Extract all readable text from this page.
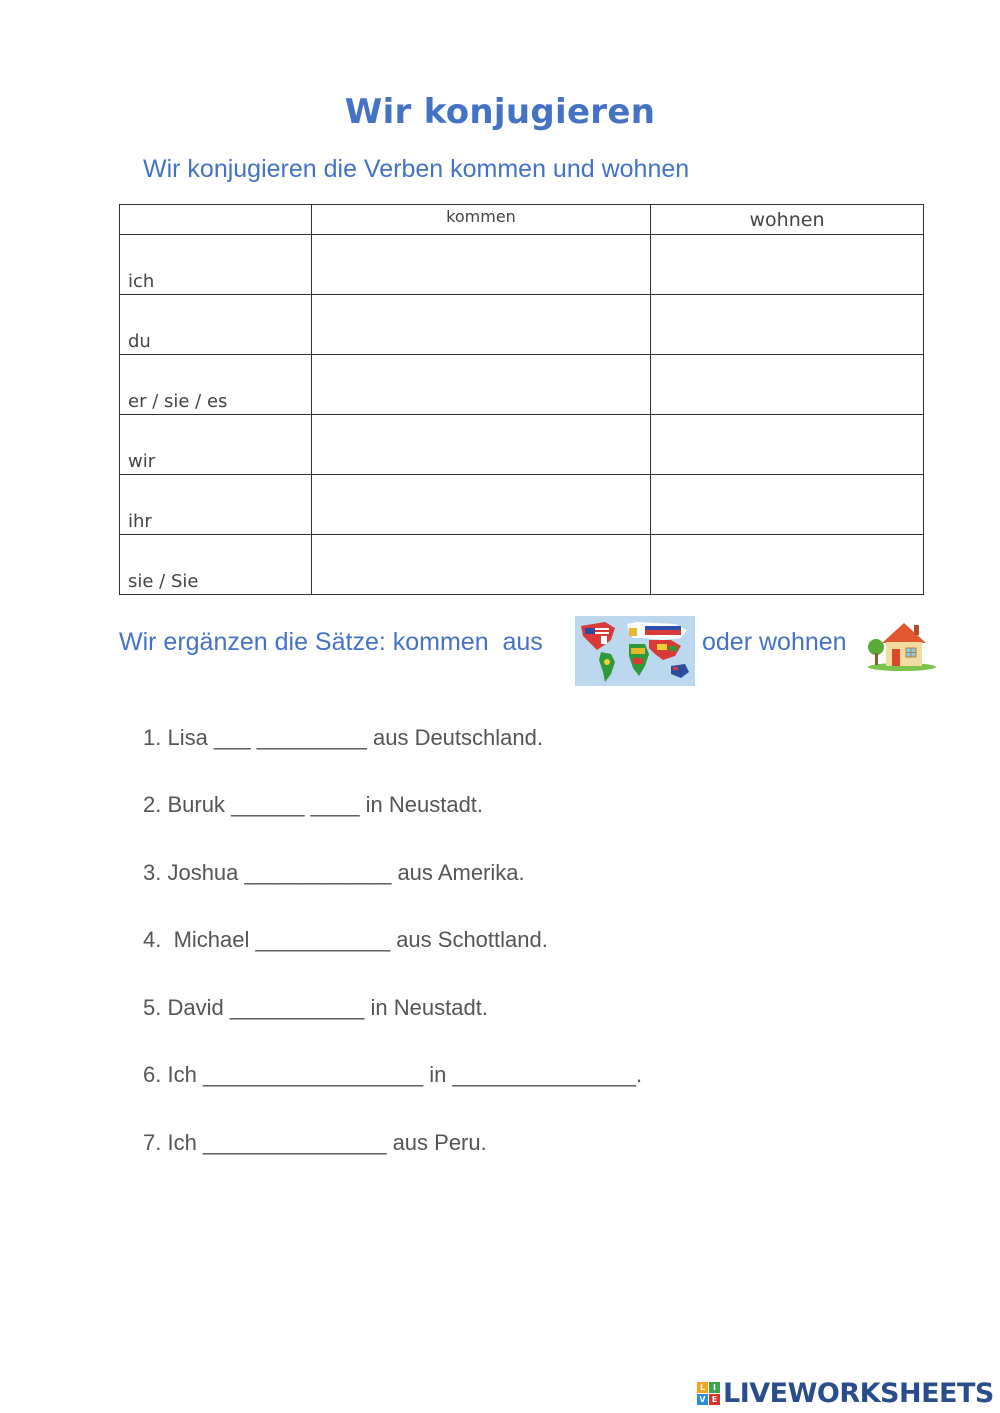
Wir konjugieren
Wir konjugieren die Verben kommen und wohnen
	kommen	wohnen
ich		
du		
er / sie / es		
wir		
ihr		
sie / Sie		
Wir ergänzen die Sätze: kommen  aus	oder wohnen
1. Lisa ___ _________ aus Deutschland.
2. Buruk ______ ____ in Neustadt.
3. Joshua ____________ aus Amerika.
4.  Michael ___________ aus Schottland.
5. David ___________ in Neustadt.
6. Ich __________________ in _______________.
7. Ich _______________ aus Peru.
L I
V E LIVEWORKSHEETS
